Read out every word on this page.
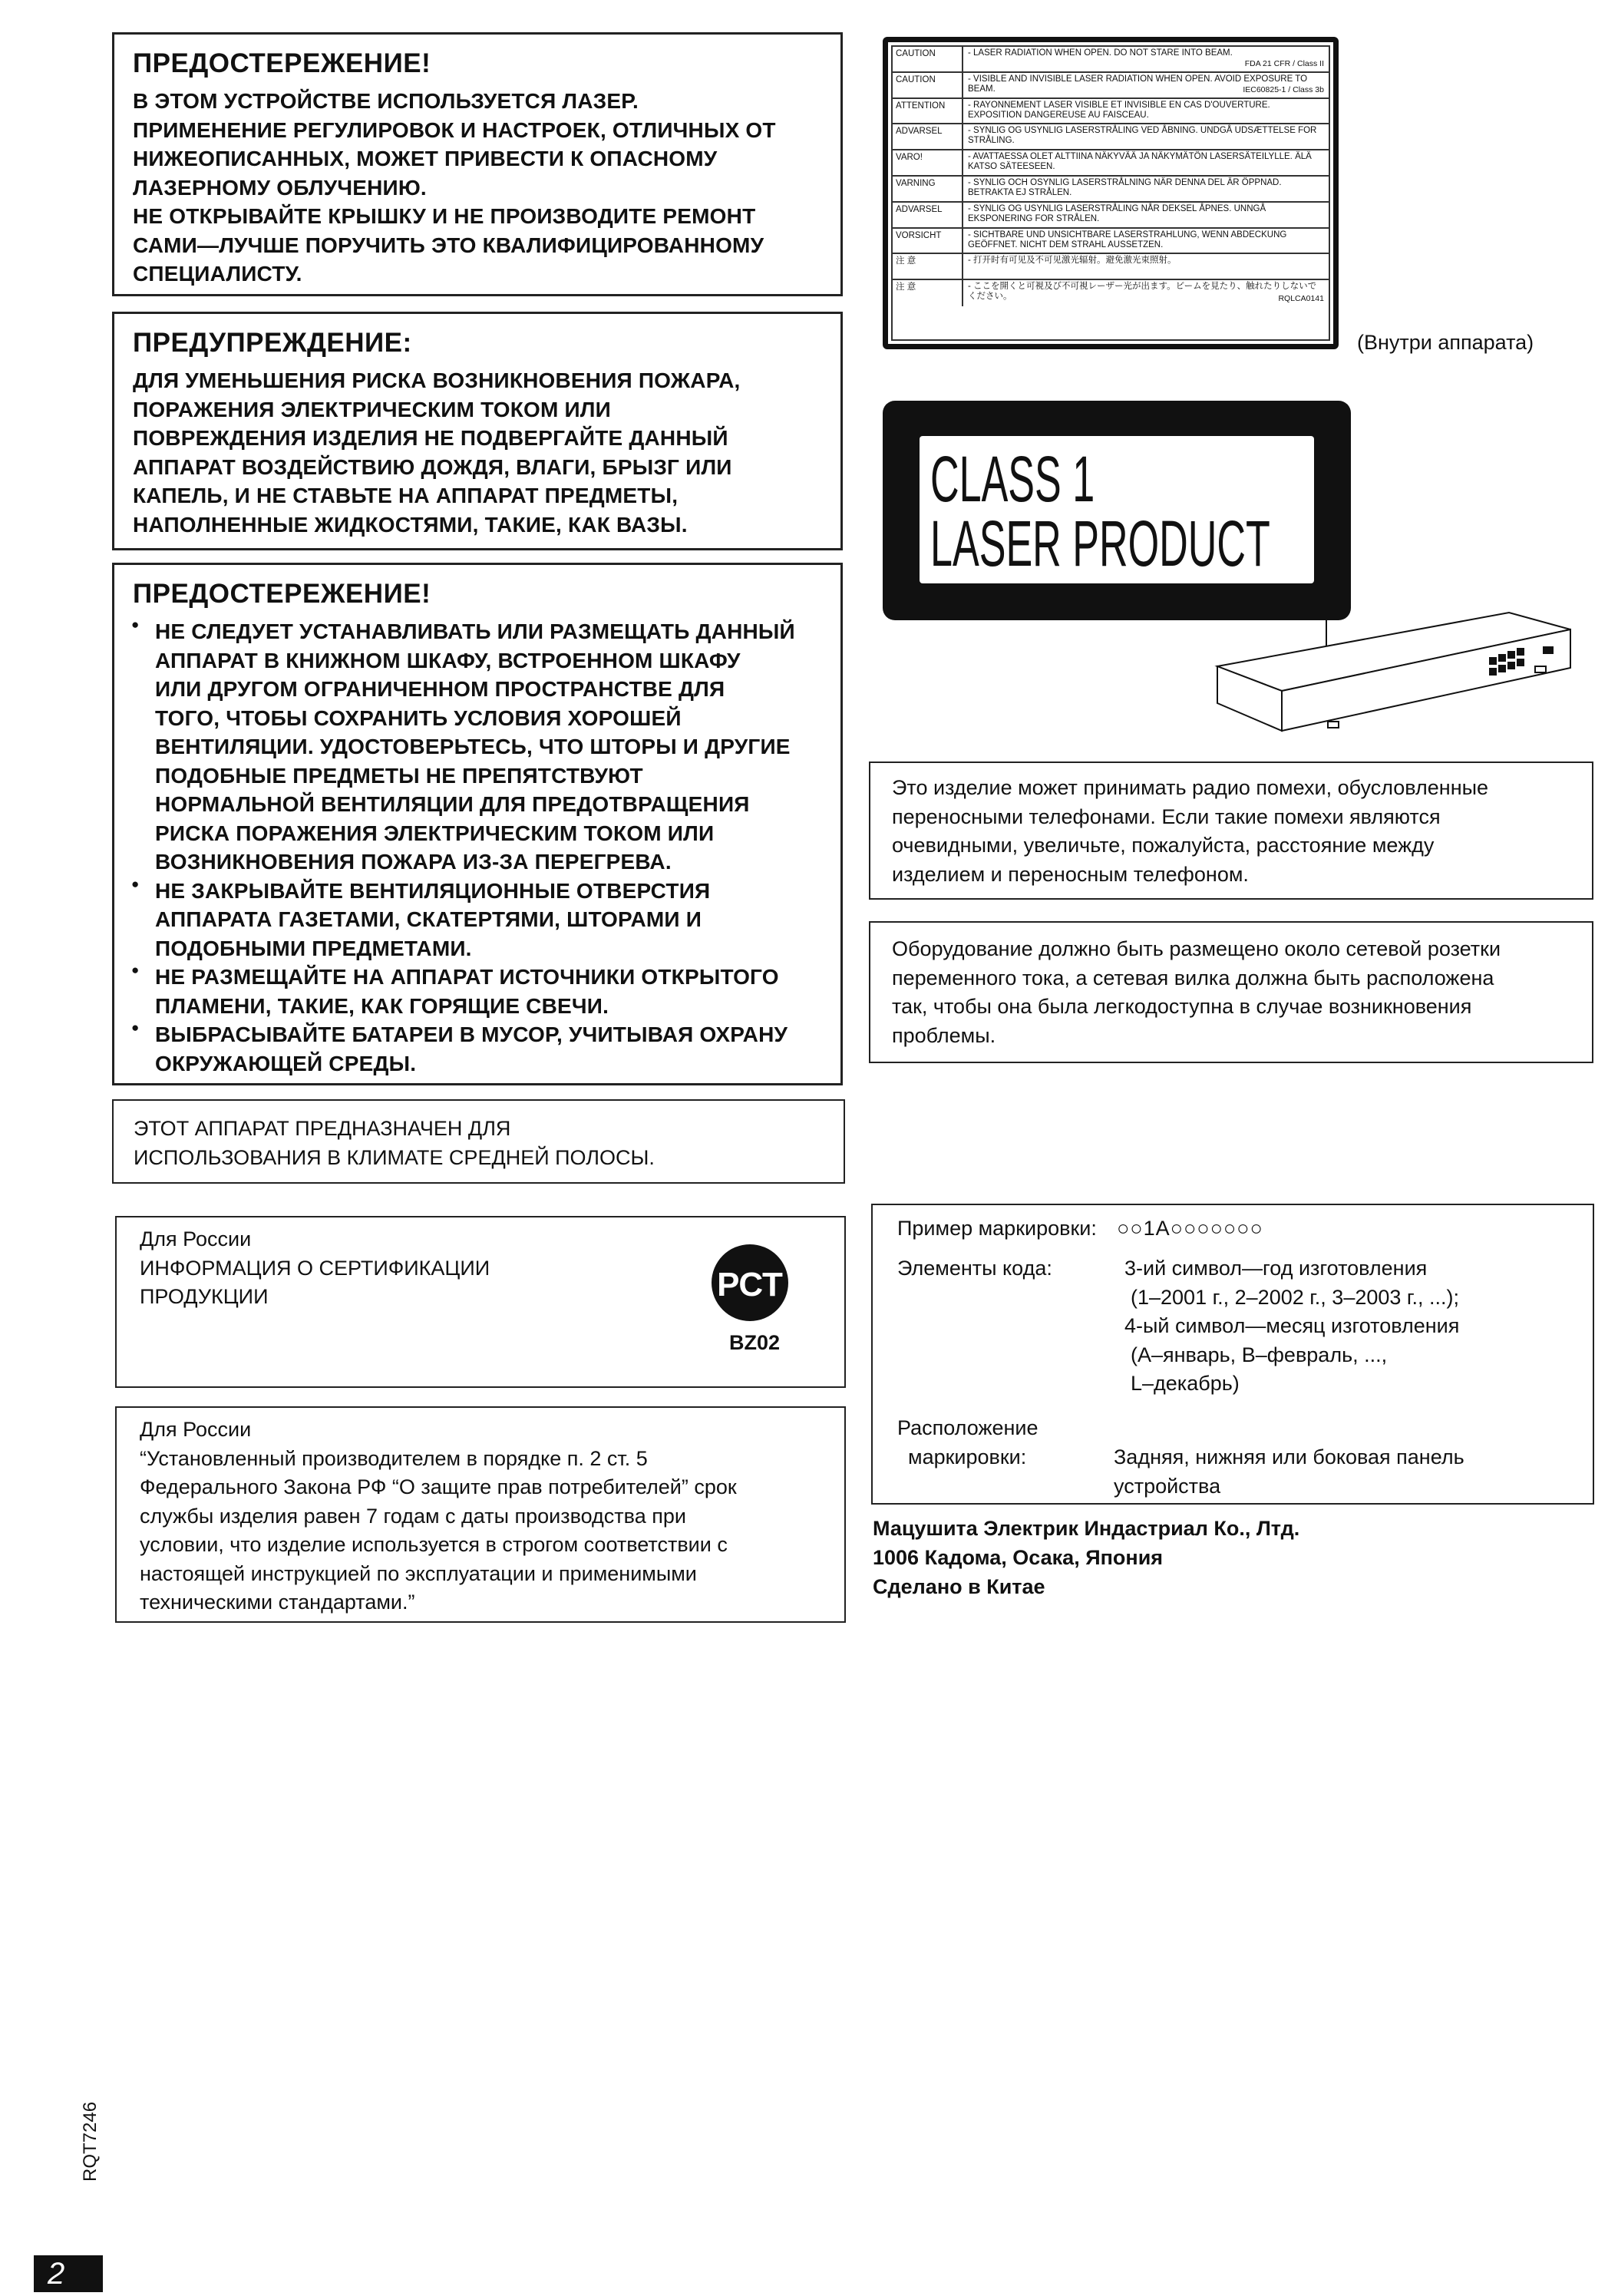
ПРЕДОСТЕРЕЖЕНИЕ!
В ЭТОМ УСТРОЙСТВЕ ИСПОЛЬЗУЕТСЯ ЛАЗЕР.
ПРИМЕНЕНИЕ РЕГУЛИРОВОК И НАСТРОЕК, ОТЛИЧНЫХ ОТ
НИЖЕОПИСАННЫХ, МОЖЕТ ПРИВЕСТИ К ОПАСНОМУ
ЛАЗЕРНОМУ ОБЛУЧЕНИЮ.
НЕ ОТКРЫВАЙТЕ КРЫШКУ И НЕ ПРОИЗВОДИТЕ РЕМОНТ
САМИ—ЛУЧШЕ ПОРУЧИТЬ ЭТО КВАЛИФИЦИРОВАННОМУ
СПЕЦИАЛИСТУ.
ПРЕДУПРЕЖДЕНИЕ:
ДЛЯ УМЕНЬШЕНИЯ РИСКА ВОЗНИКНОВЕНИЯ ПОЖАРА,
ПОРАЖЕНИЯ ЭЛЕКТРИЧЕСКИМ ТОКОМ ИЛИ
ПОВРЕЖДЕНИЯ ИЗДЕЛИЯ НЕ ПОДВЕРГАЙТЕ ДАННЫЙ
АППАРАТ ВОЗДЕЙСТВИЮ ДОЖДЯ, ВЛАГИ, БРЫЗГ ИЛИ
КАПЕЛЬ, И НЕ СТАВЬТЕ НА АППАРАТ ПРЕДМЕТЫ,
НАПОЛНЕННЫЕ ЖИДКОСТЯМИ, ТАКИЕ, КАК ВАЗЫ.
ПРЕДОСТЕРЕЖЕНИЕ!
● НЕ СЛЕДУЕТ УСТАНАВЛИВАТЬ ИЛИ РАЗМЕЩАТЬ ДАННЫЙ
АППАРАТ В КНИЖНОМ ШКАФУ, ВСТРОЕННОМ ШКАФУ
ИЛИ ДРУГОМ ОГРАНИЧЕННОМ ПРОСТРАНСТВЕ ДЛЯ
ТОГО, ЧТОБЫ СОХРАНИТЬ УСЛОВИЯ ХОРОШЕЙ
ВЕНТИЛЯЦИИ. УДОСТОВЕРЬТЕСЬ, ЧТО ШТОРЫ И ДРУГИЕ
ПОДОБНЫЕ ПРЕДМЕТЫ НЕ ПРЕПЯТСТВУЮТ
НОРМАЛЬНОЙ ВЕНТИЛЯЦИИ ДЛЯ ПРЕДОТВРАЩЕНИЯ
РИСКА ПОРАЖЕНИЯ ЭЛЕКТРИЧЕСКИМ ТОКОМ ИЛИ
ВОЗНИКНОВЕНИЯ ПОЖАРА ИЗ-ЗА ПЕРЕГРЕВА.
● НЕ ЗАКРЫВАЙТЕ ВЕНТИЛЯЦИОННЫЕ ОТВЕРСТИЯ
АППАРАТА ГАЗЕТАМИ, СКАТЕРТЯМИ, ШТОРАМИ И
ПОДОБНЫМИ ПРЕДМЕТАМИ.
● НЕ РАЗМЕЩАЙТЕ НА АППАРАТ ИСТОЧНИКИ ОТКРЫТОГО
ПЛАМЕНИ, ТАКИЕ, КАК ГОРЯЩИЕ СВЕЧИ.
● ВЫБРАСЫВАЙТЕ БАТАРЕИ В МУСОР, УЧИТЫВАЯ ОХРАНУ
ОКРУЖАЮЩЕЙ СРЕДЫ.
ЭТОТ АППАРАТ ПРЕДНАЗНАЧЕН ДЛЯ
ИСПОЛЬЗОВАНИЯ В КЛИМАТЕ СРЕДНЕЙ ПОЛОСЫ.
Для России
ИНФОРМАЦИЯ О СЕРТИФИКАЦИИ
ПРОДУКЦИИ	РСТ
BZ02
Для России
“Установленный производителем в порядке п. 2 ст. 5
Федерального Закона РФ “О защите прав потребителей” срок
службы изделия равен 7 годам с даты производства при
условии, что изделие используется в строгом соответствии с
настоящей инструкцией по эксплуатации и применимыми
техническими стандартами.”
CAUTION	- LASER RADIATION WHEN OPEN. DO NOT STARE INTO BEAM.
FDA 21 CFR / Class II
CAUTION	- VISIBLE AND INVISIBLE LASER RADIATION WHEN OPEN. AVOID EXPOSURE TO BEAM.	IEC60825-1 / Class 3b
ATTENTION	- RAYONNEMENT LASER VISIBLE ET INVISIBLE EN CAS D'OUVERTURE. EXPOSITION DANGEREUSE AU FAISCEAU.
ADVARSEL	- SYNLIG OG USYNLIG LASERSTRÅLING VED ÅBNING. UNDGÅ UDSÆTTELSE FOR STRÅLING.
VARO!	- AVATTAESSA OLET ALTTIINA NÄKYVÄÄ JA NÄKYMÄTÖN LASERSÄTEILYLLE. ÄLÄ KATSO SÄTEESEEN.
VARNING	- SYNLIG OCH OSYNLIG LASERSTRÅLNING NÄR DENNA DEL ÄR ÖPPNAD. BETRAKTA EJ STRÅLEN.
ADVARSEL	- SYNLIG OG USYNLIG LASERSTRÅLING NÅR DEKSEL ÅPNES. UNNGÅ EKSPONERING FOR STRÅLEN.
VORSICHT	- SICHTBARE UND UNSICHTBARE LASERSTRAHLUNG, WENN ABDECKUNG GEÖFFNET. NICHT DEM STRAHL AUSSETZEN.
注 意	- 打开时有可见及不可见激光辐射。避免激光束照射。
注 意	- ここを開くと可視及び不可視レーザー光が出ます。ビームを見たり、触れたりしないでください。	RQLCA0141
(Внутри аппарата)
CLASS 1
LASER PRODUCT
Это изделие может принимать радио помехи, обусловленные
переносными телефонами. Если такие помехи являются
очевидными, увеличьте, пожалуйста, расстояние между
изделием и переносным телефоном.
Оборудование должно быть размещено около сетевой розетки
переменного тока, а сетевая вилка должна быть расположена
так, чтобы она была легкодоступна в случае возникновения
проблемы.
Пример маркировки: ○○1A○○○○○○○
Элементы кода:	3-ий символ—год изготовления
(1–2001 г., 2–2002 г., 3–2003 г., ...);
4-ый символ—месяц изготовления
(A–январь, B–февраль, ...,
L–декабрь)
Расположение
маркировки:	Задняя, нижняя или боковая панель
устройства
Мацушита Электрик Индастриал Ко., Лтд.
1006 Кадома, Осака, Япония
Сделано в Китае
RQT7246
2
